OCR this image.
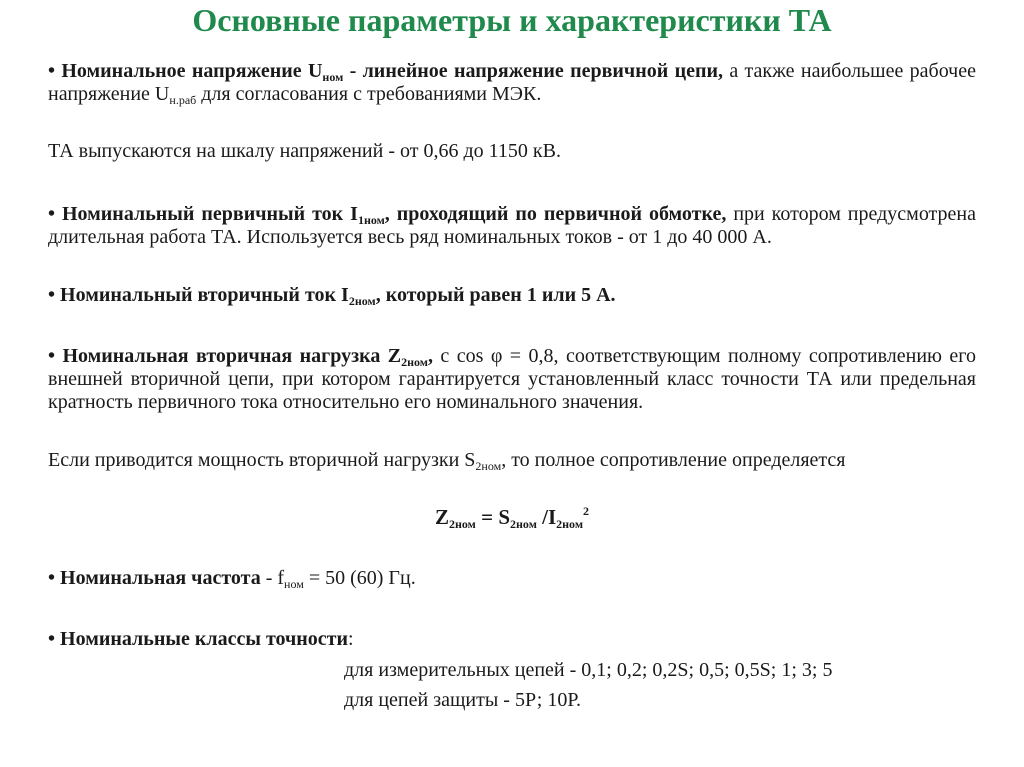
Основные параметры и характеристики ТА
• Номинальное напряжение $U_{ном}$ - линейное напряжение первичной цепи, а также наибольшее рабочее напряжение $U_{н.раб}$ для согласования с требованиями МЭК.
ТА выпускаются на шкалу напряжений - от 0,66 до 1150 кВ.
• Номинальный первичный ток $I_{1ном}$, проходящий по первичной обмотке, при котором предусмотрена длительная работа ТА. Используется весь ряд номинальных токов - от 1 до 40 000 А.
• Номинальный вторичный ток $I_{2ном}$, который равен 1 или 5 А.
• Номинальная вторичная нагрузка $Z_{2ном}$, с cos φ = 0,8, соответствующим полному сопротивлению его внешней вторичной цепи, при котором гарантируется установленный класс точности ТА или предельная кратность первичного тока относительно его номинального значения.
Если приводится мощность вторичной нагрузки $S_{2ном}$, то полное сопротивление определяется
$Z_{2ном} = S_{2ном}$ $/I_{2ном}^2$
• Номинальная частота - $f_{ном} = 50$ (60) Гц.
• Номинальные классы точности:
для измерительных цепей - 0,1; 0,2; 0,2S; 0,5; 0,5S; 1; 3; 5
для цепей защиты - 5Р; 10Р.
